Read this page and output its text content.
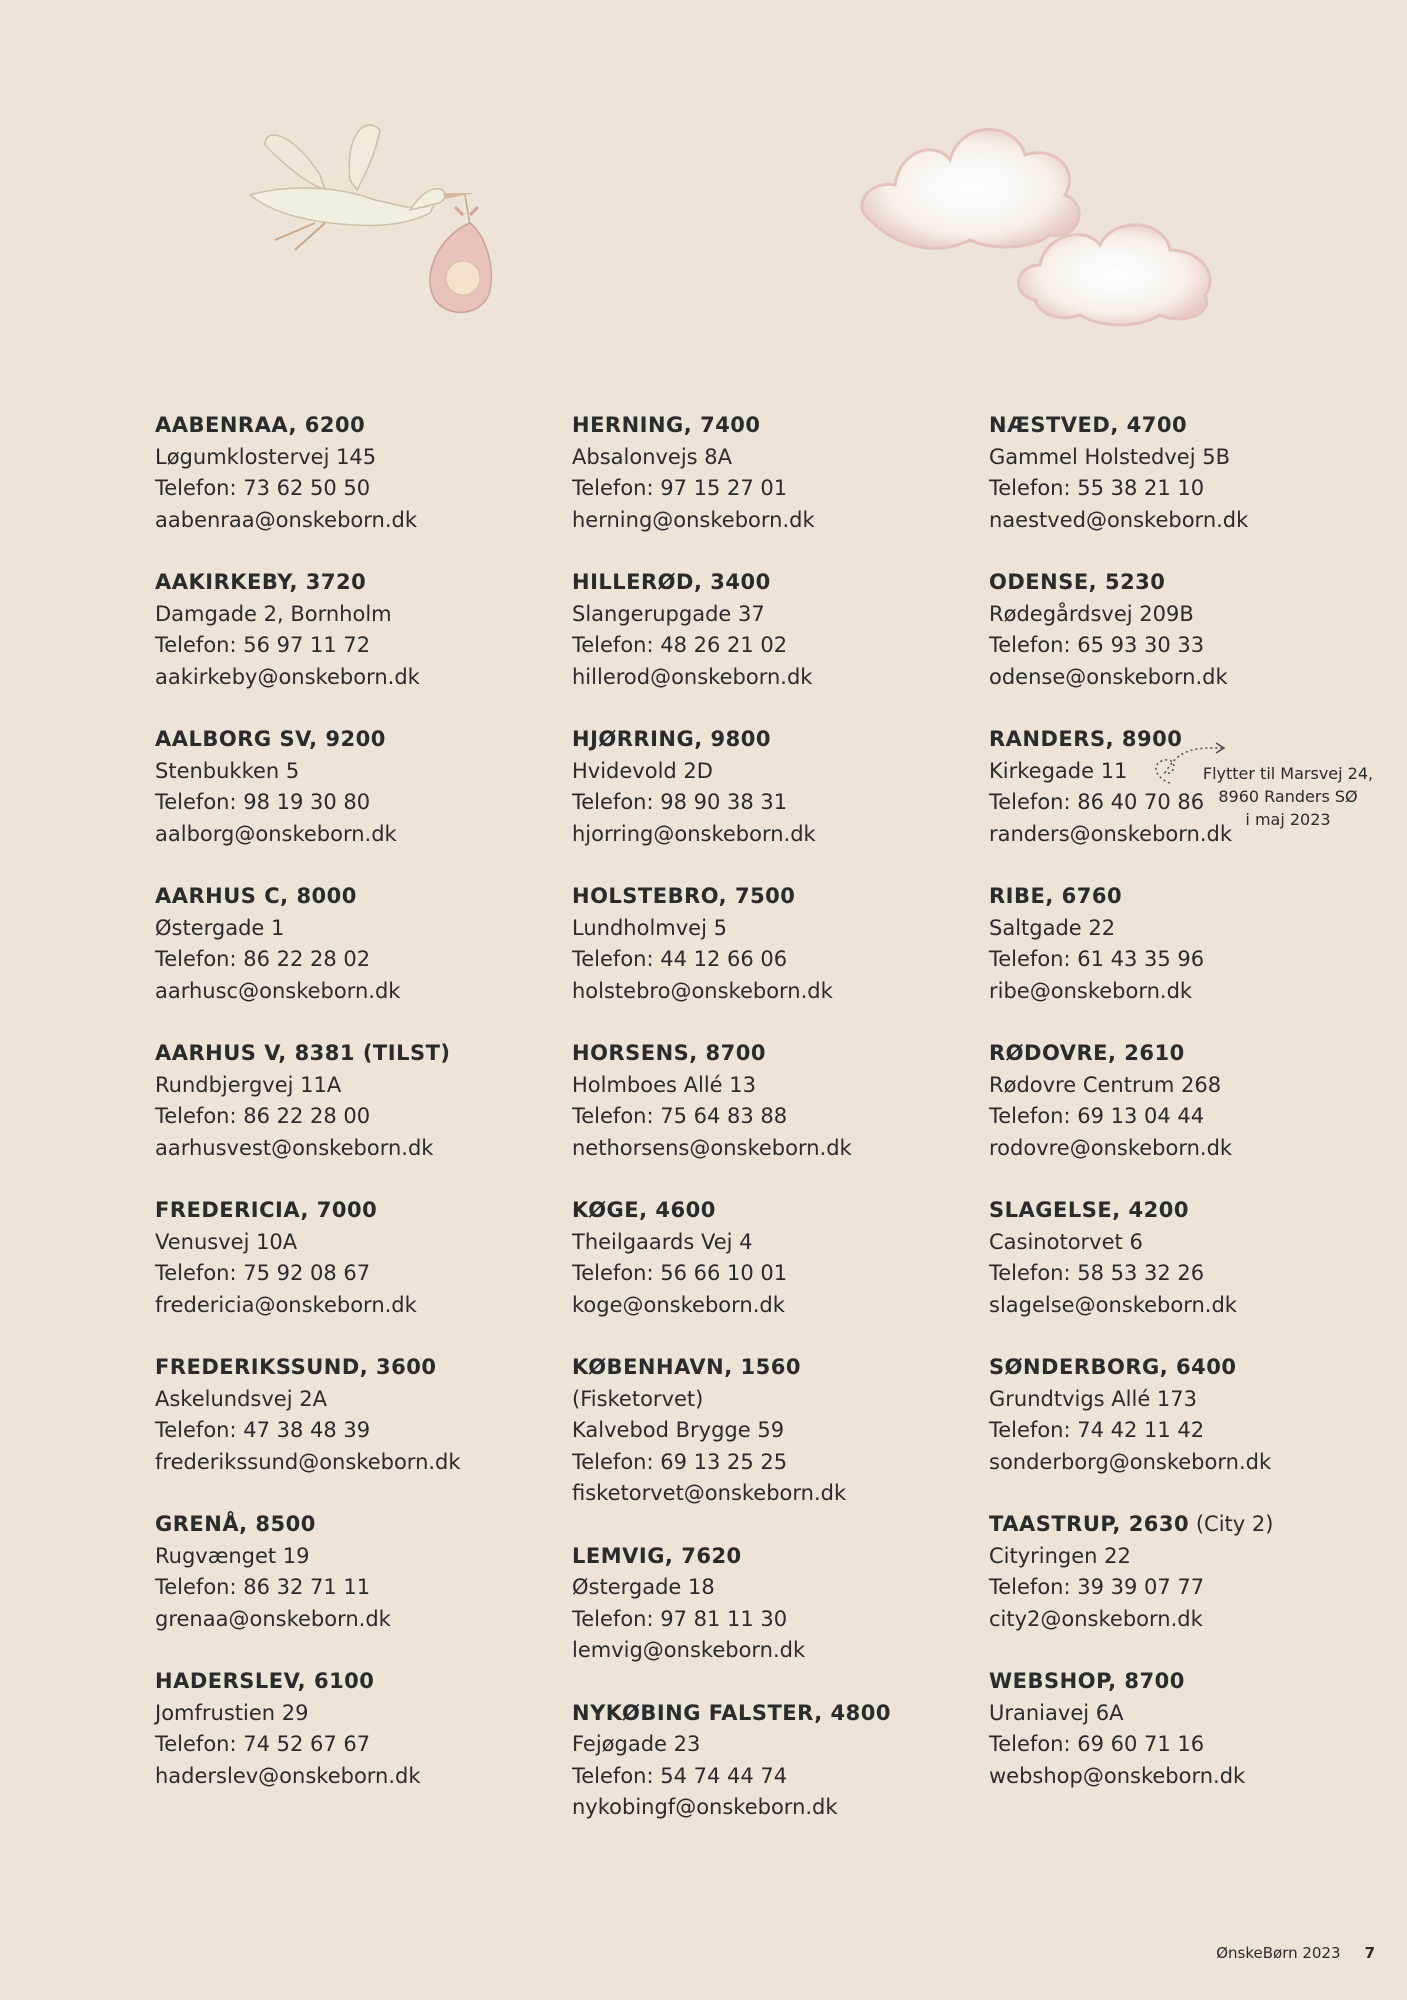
AABENRAA, 6200
Løgumklostervej 145
Telefon: 73 62 50 50
aabenraa@onskeborn.dk
AAKIRKEBY, 3720
Damgade 2, Bornholm
Telefon: 56 97 11 72
aakirkeby@onskeborn.dk
AALBORG SV, 9200
Stenbukken 5
Telefon: 98 19 30 80
aalborg@onskeborn.dk
AARHUS C, 8000
Østergade 1
Telefon: 86 22 28 02
aarhusc@onskeborn.dk
AARHUS V, 8381 (TILST)
Rundbjergvej 11A
Telefon: 86 22 28 00
aarhusvest@onskeborn.dk
FREDERICIA, 7000
Venusvej 10A
Telefon: 75 92 08 67
fredericia@onskeborn.dk
FREDERIKSSUND, 3600
Askelundsvej 2A
Telefon: 47 38 48 39
frederikssund@onskeborn.dk
GRENÅ, 8500
Rugvænget 19
Telefon: 86 32 71 11
grenaa@onskeborn.dk
HADERSLEV, 6100
Jomfrustien 29
Telefon: 74 52 67 67
haderslev@onskeborn.dk
HERNING, 7400
Absalonvejs 8A
Telefon: 97 15 27 01
herning@onskeborn.dk
HILLERØD, 3400
Slangerupgade 37
Telefon: 48 26 21 02
hillerod@onskeborn.dk
HJØRRING, 9800
Hvidevold 2D
Telefon: 98 90 38 31
hjorring@onskeborn.dk
HOLSTEBRO, 7500
Lundholmvej 5
Telefon: 44 12 66 06
holstebro@onskeborn.dk
HORSENS, 8700
Holmboes Allé 13
Telefon: 75 64 83 88
nethorsens@onskeborn.dk
KØGE, 4600
Theilgaards Vej 4
Telefon: 56 66 10 01
koge@onskeborn.dk
KØBENHAVN, 1560
(Fisketorvet)
Kalvebod Brygge 59
Telefon: 69 13 25 25
fisketorvet@onskeborn.dk
LEMVIG, 7620
Østergade 18
Telefon: 97 81 11 30
lemvig@onskeborn.dk
NYKØBING FALSTER, 4800
Fejøgade 23
Telefon: 54 74 44 74
nykobingf@onskeborn.dk
NÆSTVED, 4700
Gammel Holstedvej 5B
Telefon: 55 38 21 10
naestved@onskeborn.dk
ODENSE, 5230
Rødegårdsvej 209B
Telefon: 65 93 30 33
odense@onskeborn.dk
RANDERS, 8900
Kirkegade 11
Telefon: 86 40 70 86
randers@onskeborn.dk
RIBE, 6760
Saltgade 22
Telefon: 61 43 35 96
ribe@onskeborn.dk
RØDOVRE, 2610
Rødovre Centrum 268
Telefon: 69 13 04 44
rodovre@onskeborn.dk
SLAGELSE, 4200
Casinotorvet 6
Telefon: 58 53 32 26
slagelse@onskeborn.dk
SØNDERBORG, 6400
Grundtvigs Allé 173
Telefon: 74 42 11 42
sonderborg@onskeborn.dk
TAASTRUP, 2630 (City 2)
Cityringen 22
Telefon: 39 39 07 77
city2@onskeborn.dk
WEBSHOP, 8700
Uraniavej 6A
Telefon: 69 60 71 16
webshop@onskeborn.dk
Flytter til Marsvej 24,
8960 Randers SØ
i maj 2023
ØnskeBørn 2023 7
